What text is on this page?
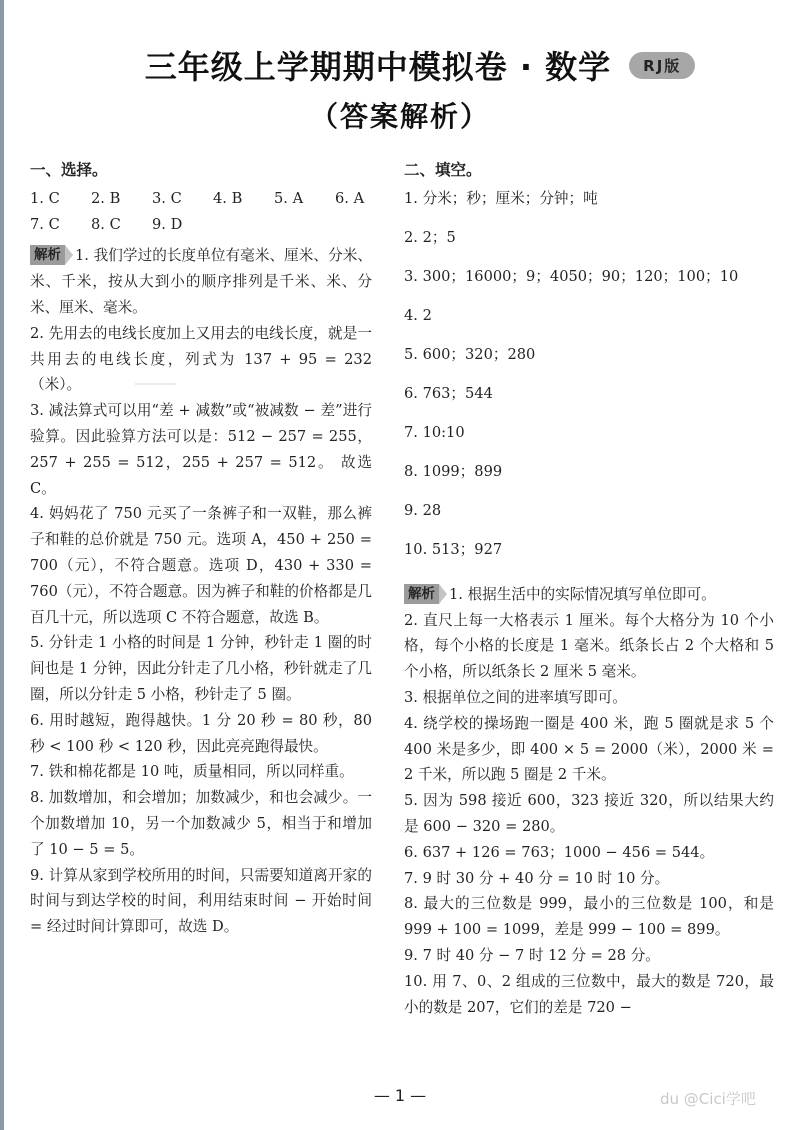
三年级上学期期中模拟卷 · 数学	RJ版
（答案解析）
一、选择。
1. C	2. B	3. C	4. B	5. A	6. A
7. C	8. C	9. D
解析 1. 我们学过的长度单位有毫米、厘米、分米、米、千米，按从大到小的顺序排列是千米、米、分米、厘米、毫米。
2. 先用去的电线长度加上又用去的电线长度，就是一共用去的电线长度，列式为 137 + 95 = 232（米）。
3. 减法算式可以用“差 + 减数”或“被减数 − 差”进行验算。因此验算方法可以是：512 − 257 = 255，257 + 255 = 512，255 + 257 = 512。 故选 C。
4. 妈妈花了 750 元买了一条裤子和一双鞋，那么裤子和鞋的总价就是 750 元。选项 A，450 + 250 = 700（元），不符合题意。选项 D，430 + 330 = 760（元），不符合题意。因为裤子和鞋的价格都是几百几十元，所以选项 C 不符合题意，故选 B。
5. 分针走 1 小格的时间是 1 分钟，秒针走 1 圈的时间也是 1 分钟，因此分针走了几小格，秒针就走了几圈，所以分针走 5 小格，秒针走了 5 圈。
6. 用时越短，跑得越快。1 分 20 秒 = 80 秒，80 秒 < 100 秒 < 120 秒，因此亮亮跑得最快。
7. 铁和棉花都是 10 吨，质量相同，所以同样重。
8. 加数增加，和会增加；加数减少，和也会减少。一个加数增加 10，另一个加数减少 5，相当于和增加了 10 − 5 = 5。
9. 计算从家到学校所用的时间，只需要知道离开家的时间与到达学校的时间，利用结束时间 − 开始时间 = 经过时间计算即可，故选 D。
▭▭▭▭▭▭▭▭▭▭▭
二、填空。
1. 分米；秒；厘米；分钟；吨
2. 2；5
3. 300；16000；9；4050；90；120；100；10
4. 2
5. 600；320；280
6. 763；544
7. 10:10
8. 1099；899
9. 28
10. 513；927
解析 1. 根据生活中的实际情况填写单位即可。
2. 直尺上每一大格表示 1 厘米。每个大格分为 10 个小格，每个小格的长度是 1 毫米。纸条长占 2 个大格和 5 个小格，所以纸条长 2 厘米 5 毫米。
3. 根据单位之间的进率填写即可。
4. 绕学校的操场跑一圈是 400 米，跑 5 圈就是求 5 个 400 米是多少，即 400 × 5 = 2000（米），2000 米 = 2 千米，所以跑 5 圈是 2 千米。
5. 因为 598 接近 600，323 接近 320，所以结果大约是 600 − 320 = 280。
6. 637 + 126 = 763；1000 − 456 = 544。
7. 9 时 30 分 + 40 分 = 10 时 10 分。
8. 最大的三位数是 999，最小的三位数是 100，和是 999 + 100 = 1099，差是 999 − 100 = 899。
9. 7 时 40 分 − 7 时 12 分 = 28 分。
10. 用 7、0、2 组成的三位数中，最大的数是 720，最小的数是 207，它们的差是 720 −
— 1 —	du @Cici学吧
